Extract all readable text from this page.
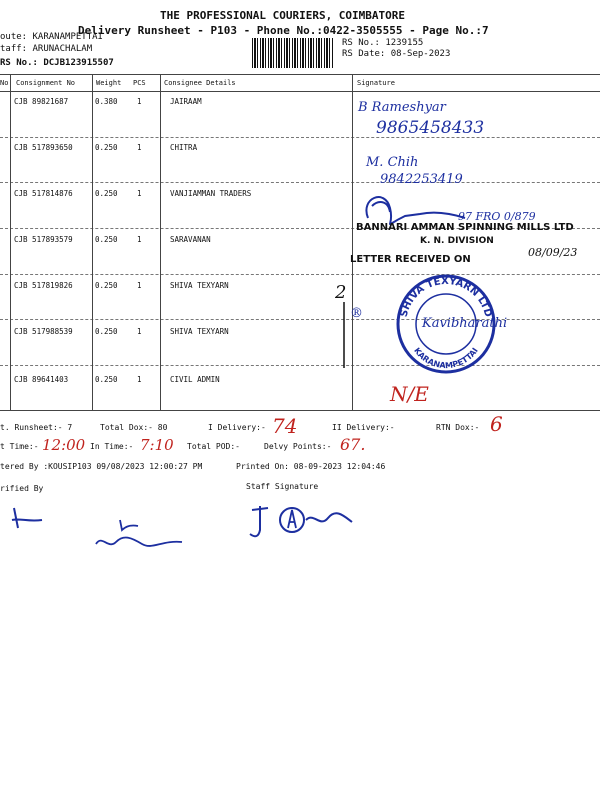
THE PROFESSIONAL COURIERS, COIMBATORE
Delivery Runsheet - P103 - Phone No.:0422-3505555 - Page No.:7
oute: KARANAMPETTAI
taff: ARUNACHALAM
RS No.: DCJB123915507
RS No.: 1239155
RS Date: 08-Sep-2023
No Consignment No	Weight PCS	Consignee Details	Signature
CJB 89821687	0.380	1	JAIRAAM
CJB 517893650	0.250	1	CHITRA
CJB 517814876	0.250	1	VANJIAMMAN TRADERS
CJB 517893579	0.250	1	SARAVANAN
CJB 517819826	0.250	1	SHIVA TEXYARN
CJB 517988539	0.250	1	SHIVA TEXYARN
CJB 89641403	0.250	1	CIVIL ADMIN
B Rameshyar
9865458433
M. Chih
9842253419
97 FRO 0/879
BANNARI AMMAN SPINNING MILLS LTD
K. N. DIVISION
LETTER RECEIVED ON
08/09/23
2
SHIVA TEXYARN LTD
KARANAMPETTAI
®
Kavibharathi
N/E
t. Runsheet:- 7	Total Dox:- 80	I Delivery:- 74	II Delivery:-	RTN Dox:- 6
t Time:- 12:00 In Time:- 7:10 Total POD:-	Delvy Points:- 67.
tered By :KOUSIP103 09/08/2023 12:00:27 PM	Printed On: 08-09-2023 12:04:46
rified By	Staff Signature
